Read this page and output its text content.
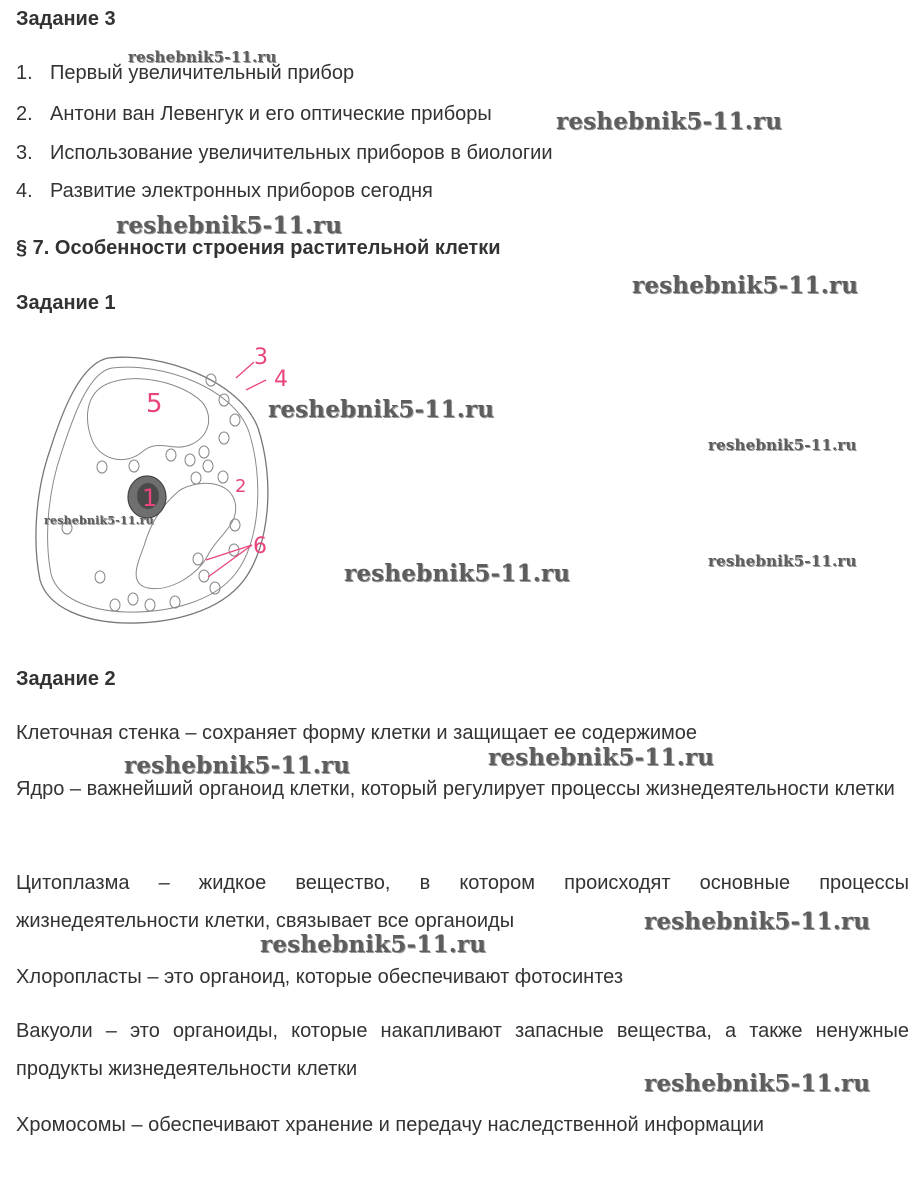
Задание 3
1. Первый увеличительный прибор
2. Антони ван Левенгук и его оптические приборы
3. Использование увеличительных приборов в биологии
4. Развитие электронных приборов сегодня
§ 7. Особенности строения растительной клетки
Задание 1
1	2
3
4
5
6
Задание 2

Клеточная стенка – сохраняет форму клетки и защищает ее содержимое

Ядро – важнейший органоид клетки, который регулирует процессы жизнедеятельности клетки

Цитоплазма – жидкое вещество, в котором происходят основные процессы жизнедеятельности клетки, связывает все органоиды

Хлоропласты – это органоид, которые обеспечивают фотосинтез

Вакуоли – это органоиды, которые накапливают запасные вещества, а также ненужные продукты жизнедеятельности клетки

Хромосомы – обеспечивают хранение и передачу наследственной информации

reshebnik5-11.ru
reshebnik5-11.ru
reshebnik5-11.ru
reshebnik5-11.ru
reshebnik5-11.ru
reshebnik5-11.ru
reshebnik5-11.ru
reshebnik5-11.ru
reshebnik5-11.ru
reshebnik5-11.ru
reshebnik5-11.ru
reshebnik5-11.ru
reshebnik5-11.ru
reshebnik5-11.ru
